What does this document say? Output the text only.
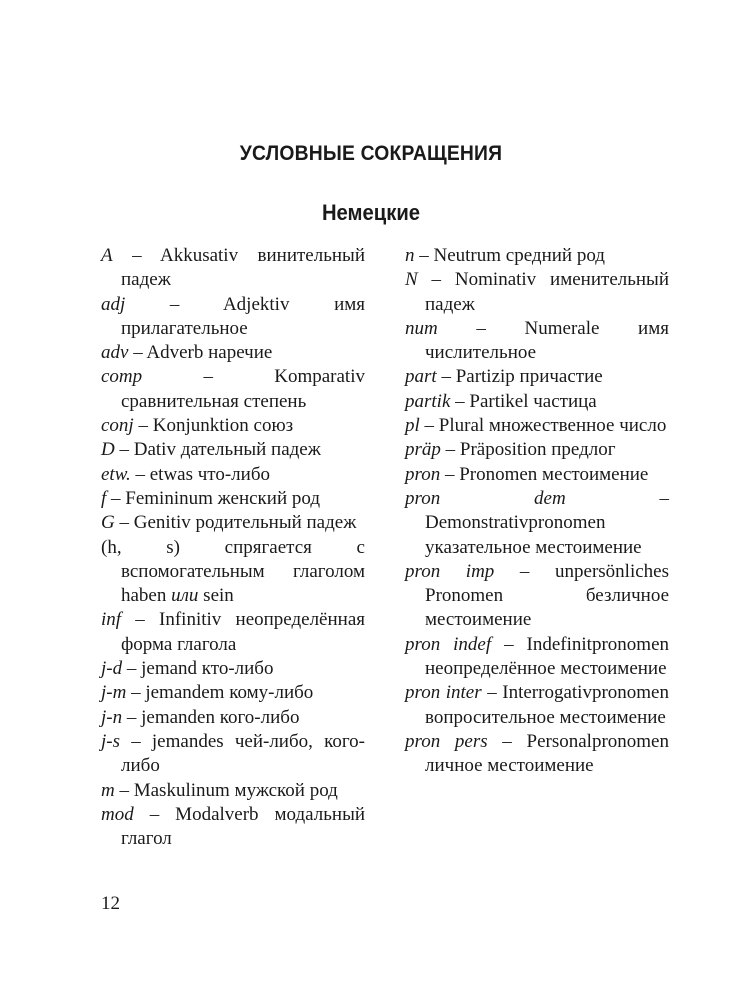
УСЛОВНЫЕ СОКРАЩЕНИЯ
Немецкие

A – Akkusativ винительный падеж

adj – Adjektiv имя прилагательное

adv – Adverb наречие

comp – Komparativ сравнительная степень

conj – Konjunktion союз

D – Dativ дательный падеж

etw. – etwas что-либо

f – Femininum женский род

G – Genitiv родительный падеж

(h, s) спрягается с вспомогательным глаголом haben или sein

inf – Infinitiv неопределённая форма глагола

j-d – jemand кто-либо

j-m – jemandem кому-либо

j-n – jemanden кого-либо

j-s – jemandes чей-либо, кого-либо

m – Maskulinum мужской род

mod – Modalverb модальный глагол

n – Neutrum средний род

N – Nominativ именительный падеж

num – Numerale имя числительное

part – Partizip причастие

partik – Partikel частица

pl – Plural множественное число

präp – Präposition предлог

pron – Pronomen местоимение

pron dem – Demonstrativpronomen указательное местоимение

pron imp – unpersönliches Pronomen безличное местоимение

pron indef – Indefinitpronomen неопределённое местоимение

pron inter – Interrogativpronomen вопросительное местоимение

pron pers – Personalpronomen личное местоимение

12
